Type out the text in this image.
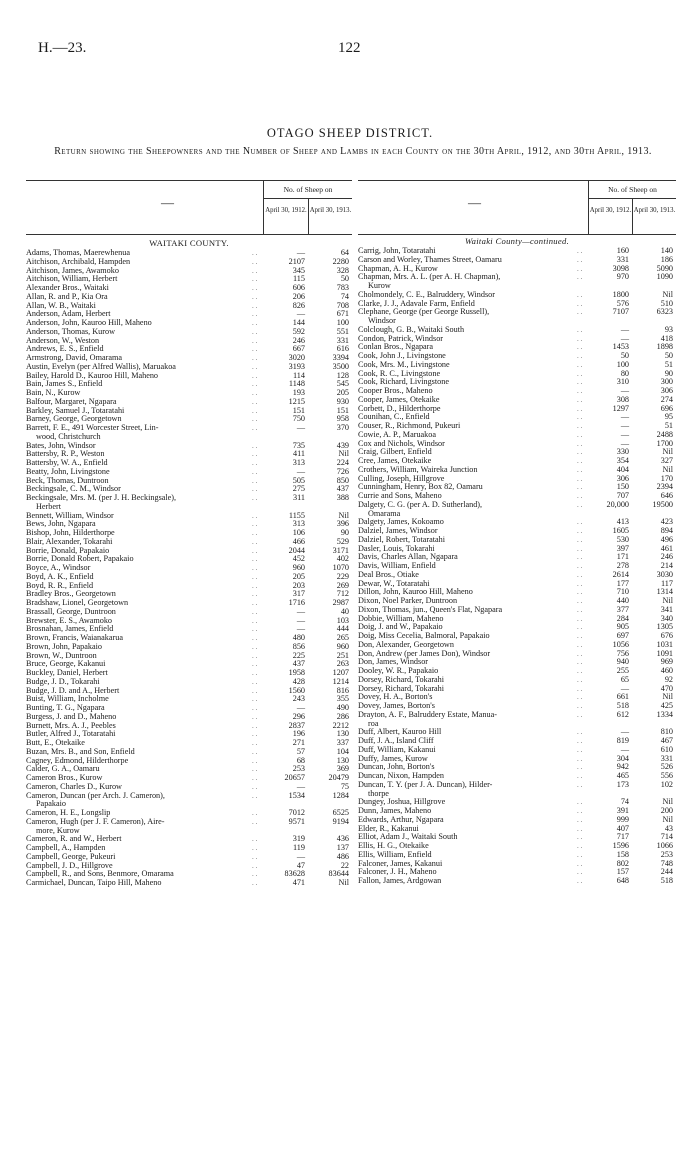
H.—23.	122
OTAGO SHEEP DISTRICT.
Return showing the Sheepowners and the Number of Sheep and Lambs in each County on the 30th April, 1912, and 30th April, 1913.
—
No. of Sheep on
April 30, 1912. April 30, 1913.
WAITAKI COUNTY.
Adams, Thomas, Maerewhenua	. .	—	64
Aitchison, Archibald, Hampden	. .	2107	2280
Aitchison, James, Awamoko	. .	345	328
Aitchison, William, Herbert	. .	115	50
Alexander Bros., Waitaki	. .	606	783
Allan, R. and P., Kia Ora	. .	206	74
Allan, W. B., Waitaki	. .	826	708
Anderson, Adam, Herbert	. .	—	671
Anderson, John, Kauroo Hill, Maheno	. .	144	100
Anderson, Thomas, Kurow	. .	592	551
Anderson, W., Weston	. .	246	331
Andrews, E. S., Enfield	. .	667	616
Armstrong, David, Omarama	. .	3020	3394
Austin, Evelyn (per Alfred Wallis), Maruakoa	. .	3193	3500
Bailey, Harold D., Kauroo Hill, Maheno	. .	114	128
Bain, James S., Enfield	. .	1148	545
Bain, N., Kurow	. .	193	205
Balfour, Margaret, Ngapara	. .	1215	930
Barkley, Samuel J., Totaratahi	. .	151	151
Barney, George, Georgetown	. .	750	958
Barrett, F. E., 491 Worcester Street, Lin-	. .	—	370
wood, Christchurch
Bates, John, Windsor	. .	735	439
Battersby, R. P., Weston	. .	411	Nil
Battersby, W. A., Enfield	. .	313	224
Beatty, John, Livingstone	. .	—	726
Beck, Thomas, Duntroon	. .	505	850
Beckingsale, C. M., Windsor	. .	275	437
Beckingsale, Mrs. M. (per J. H. Beckingsale),	. .	311	388
Herbert
Bennett, William, Windsor	. .	1155	Nil
Bews, John, Ngapara	. .	313	396
Bishop, John, Hilderthorpe	. .	106	90
Blair, Alexander, Tokarahi	. .	466	529
Borrie, Donald, Papakaio	. .	2044	3171
Borrie, Donald Robert, Papakaio	. .	452	402
Boyce, A., Windsor	. .	960	1070
Boyd, A. K., Enfield	. .	205	229
Boyd, R. R., Enfield	. .	203	269
Bradley Bros., Georgetown	. .	317	712
Bradshaw, Lionel, Georgetown	. .	1716	2987
Brassall, George, Duntroon	. .	—	40
Brewster, E. S., Awamoko	. .	—	103
Brosnahan, James, Enfield	. .	—	444
Brown, Francis, Waianakarua	. .	480	265
Brown, John, Papakaio	. .	856	960
Brown, W., Duntroon	. .	225	251
Bruce, George, Kakanui	. .	437	263
Buckley, Daniel, Herbert	. .	1958	1207
Budge, J. D., Tokarahi	. .	428	1214
Budge, J. D. and A., Herbert	. .	1560	816
Buist, William, Incholme	. .	243	355
Bunting, T. G., Ngapara	. .	—	490
Burgess, J. and D., Maheno	. .	296	286
Burnett, Mrs. A. J., Peebles	. .	2837	2212
Butler, Alfred J., Totaratahi	. .	196	130
Butt, E., Otekaike	. .	271	337
Buzan, Mrs. B., and Son, Enfield	. .	57	104
Cagney, Edmond, Hilderthorpe	. .	68	130
Calder, G. A., Oamaru	. .	253	369
Cameron Bros., Kurow	. .	20657	20479
Cameron, Charles D., Kurow	. .	—	75
Cameron, Duncan (per Arch. J. Cameron),	. .	1534	1284
Papakaio
Cameron, H. E., Longslip	. .	7012	6525
Cameron, Hugh (per J. F. Cameron), Aire-	. .	9571	9194
more, Kurow
Cameron, R. and W., Herbert	. .	319	436
Campbell, A., Hampden	. .	119	137
Campbell, George, Pukeuri	. .	—	486
Campbell, J. D., Hillgrove	. .	47	22
Campbell, R., and Sons, Benmore, Omarama	. .	83628	83644
Carmichael, Duncan, Taipo Hill, Maheno	. .	471	Nil
—
No. of Sheep on
April 30, 1912. April 30, 1913.
Waitaki County—continued.
Carrig, John, Totaratahi	. .	160	140
Carson and Worley, Thames Street, Oamaru	. .	331	186
Chapman, A. H., Kurow	. .	3098	5090
Chapman, Mrs. A. L. (per A. H. Chapman),	. .	970	1090
Kurow
Cholmondely, C. E., Balruddery, Windsor	. .	1800	Nil
Clarke, J. J., Adavale Farm, Enfield	. .	576	510
Clephane, George (per George Russell),	. .	7107	6323
Windsor
Colclough, G. B., Waitaki South	. .	—	93
Condon, Patrick, Windsor	. .	—	418
Conlan Bros., Ngapara	. .	1453	1898
Cook, John J., Livingstone	. .	50	50
Cook, Mrs. M., Livingstone	. .	100	51
Cook, R. C., Livingstone	. .	80	90
Cook, Richard, Livingstone	. .	310	300
Cooper Bros., Maheno	. .	—	306
Cooper, James, Otekaike	. .	308	274
Corbett, D., Hilderthorpe	. .	1297	696
Counihan, C., Enfield	. .	—	95
Couser, R., Richmond, Pukeuri	. .	—	51
Cowie, A. P., Maruakoa	. .	—	2488
Cox and Nichols, Windsor	. .	—	1700
Craig, Gilbert, Enfield	. .	330	Nil
Cree, James, Otekaike	. .	354	327
Crothers, William, Waireka Junction	. .	404	Nil
Culling, Joseph, Hillgrove	. .	306	170
Cunningham, Henry, Box 82, Oamaru	. .	150	2394
Currie and Sons, Maheno	. .	707	646
Dalgety, C. G. (per A. D. Sutherland),	. .	20,000	19500
Omarama
Dalgety, James, Kokoamo	. .	413	423
Dalziel, James, Windsor	. .	1605	894
Dalziel, Robert, Totaratahi	. .	530	496
Dasler, Louis, Tokarahi	. .	397	461
Davis, Charles Allan, Ngapara	. .	171	246
Davis, William, Enfield	. .	278	214
Deal Bros., Otiake	. .	2614	3030
Dewar, W., Totaratahi	. .	177	117
Dillon, John, Kauroo Hill, Maheno	. .	710	1314
Dixon, Noel Parker, Duntroon	. .	440	Nil
Dixon, Thomas, jun., Queen's Flat, Ngapara	. .	377	341
Dobbie, William, Maheno	. .	284	340
Doig, J. and W., Papakaio	. .	905	1305
Doig, Miss Cecelia, Balmoral, Papakaio	. .	697	676
Don, Alexander, Georgetown	. .	1056	1031
Don, Andrew (per James Don), Windsor	. .	756	1091
Don, James, Windsor	. .	940	969
Dooley, W. R., Papakaio	. .	255	460
Dorsey, Richard, Tokarahi	. .	65	92
Dorsey, Richard, Tokarahi	. .	—	470
Dovey, H. A., Borton's	. .	661	Nil
Dovey, James, Borton's	. .	518	425
Drayton, A. F., Balruddery Estate, Manua-	. .	612	1334
roa
Duff, Albert, Kauroo Hill	. .	—	810
Duff, J. A., Island Cliff	. .	819	467
Duff, William, Kakanui	. .	—	610
Duffy, James, Kurow	. .	304	331
Duncan, John, Borton's	. .	942	526
Duncan, Nixon, Hampden	. .	465	556
Duncan, T. Y. (per J. A. Duncan), Hilder-	. .	173	102
thorpe
Dungey, Joshua, Hillgrove	. .	74	Nil
Dunn, James, Maheno	. .	391	200
Edwards, Arthur, Ngapara	. .	999	Nil
Elder, R., Kakanui	. .	407	43
Elliot, Adam J., Waitaki South	. .	717	714
Ellis, H. G., Otekaike	. .	1596	1066
Ellis, William, Enfield	. .	158	253
Falconer, James, Kakanui	. .	802	748
Falconer, J. H., Maheno	. .	157	244
Fallon, James, Ardgowan	. .	648	518
